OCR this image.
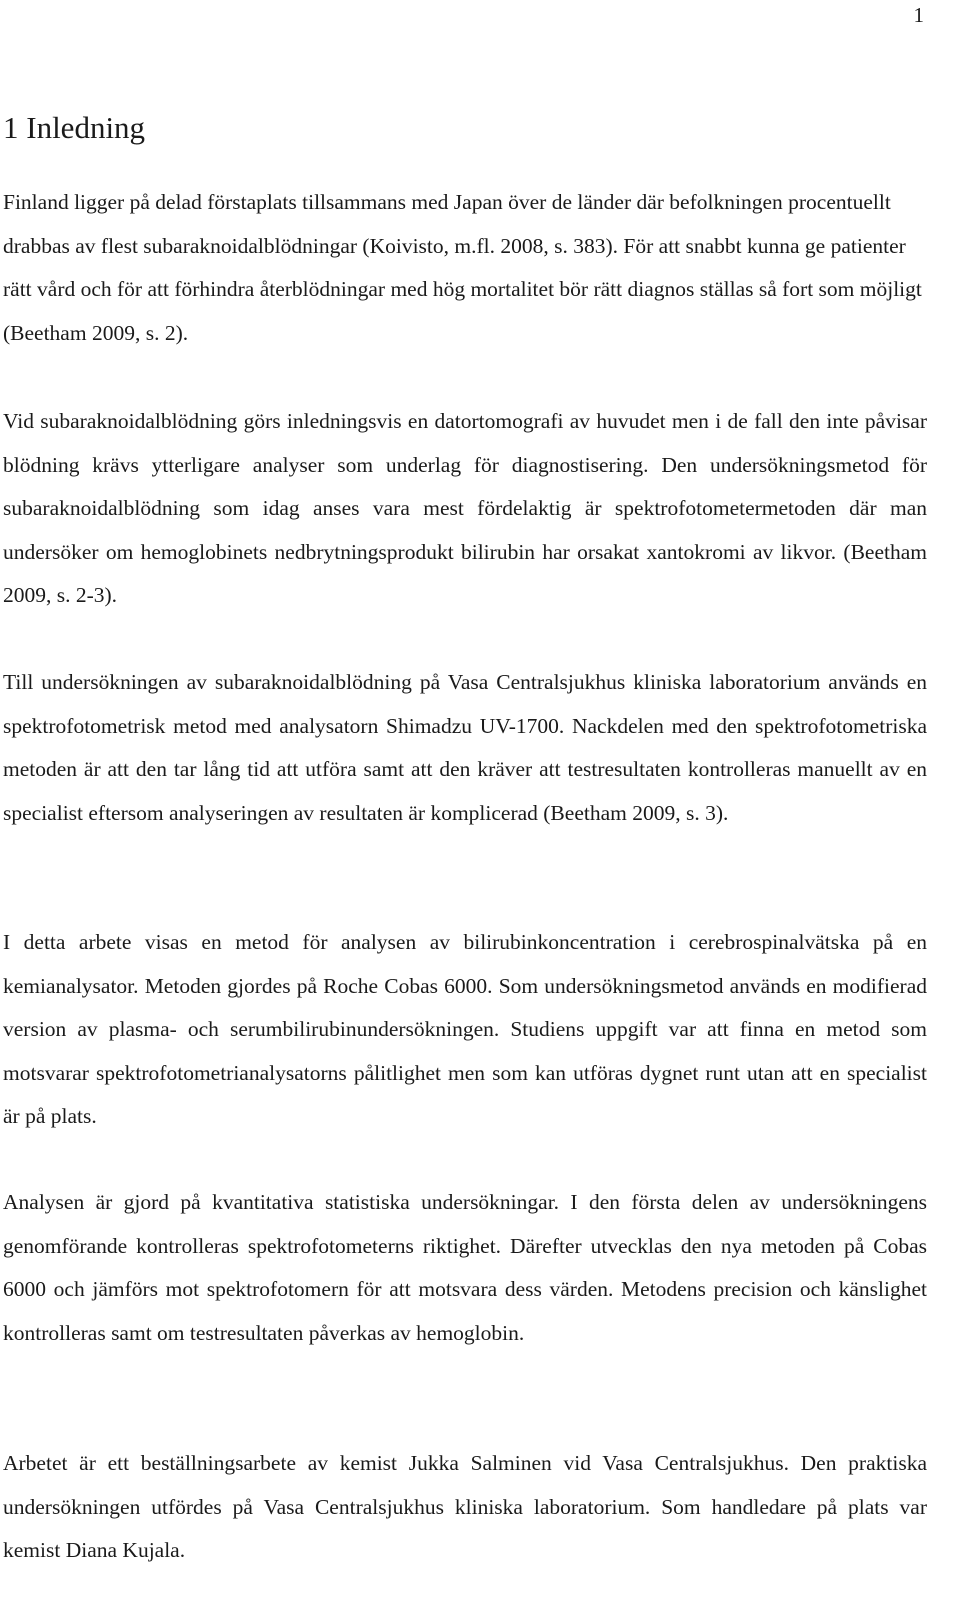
1
1 Inledning

Finland ligger på delad förstaplats tillsammans med Japan över de länder där befolkningen procentuellt drabbas av flest subaraknoidalblödningar (Koivisto, m.fl. 2008, s. 383). För att snabbt kunna ge patienter rätt vård och för att förhindra återblödningar med hög mortalitet bör rätt diagnos ställas så fort som möjligt (Beetham 2009, s. 2).

Vid subaraknoidalblödning görs inledningsvis en datortomografi av huvudet men i de fall den inte påvisar blödning krävs ytterligare analyser som underlag för diagnostisering. Den undersökningsmetod för subaraknoidalblödning som idag anses vara mest fördelaktig är spektrofotometermetoden där man undersöker om hemoglobinets nedbrytningsprodukt bilirubin har orsakat xantokromi av likvor. (Beetham 2009, s. 2-3).

Till undersökningen av subaraknoidalblödning på Vasa Centralsjukhus kliniska laboratorium används en spektrofotometrisk metod med analysatorn Shimadzu UV-1700. Nackdelen med den spektrofotometriska metoden är att den tar lång tid att utföra samt att den kräver att testresultaten kontrolleras manuellt av en specialist eftersom analyseringen av resultaten är komplicerad (Beetham 2009, s. 3).

I detta arbete visas en metod för analysen av bilirubinkoncentration i cerebrospinalvätska på en kemianalysator. Metoden gjordes på Roche Cobas 6000. Som undersökningsmetod används en modifierad version av plasma- och serumbilirubinundersökningen. Studiens uppgift var att finna en metod som motsvarar spektrofotometrianalysatorns pålitlighet men som kan utföras dygnet runt utan att en specialist är på plats.

Analysen är gjord på kvantitativa statistiska undersökningar. I den första delen av undersökningens genomförande kontrolleras spektrofotometerns riktighet. Därefter utvecklas den nya metoden på Cobas 6000 och jämförs mot spektrofotomern för att motsvara dess värden. Metodens precision och känslighet kontrolleras samt om testresultaten påverkas av hemoglobin.

Arbetet är ett beställningsarbete av kemist Jukka Salminen vid Vasa Centralsjukhus. Den praktiska undersökningen utfördes på Vasa Centralsjukhus kliniska laboratorium. Som handledare på plats var kemist Diana Kujala.
